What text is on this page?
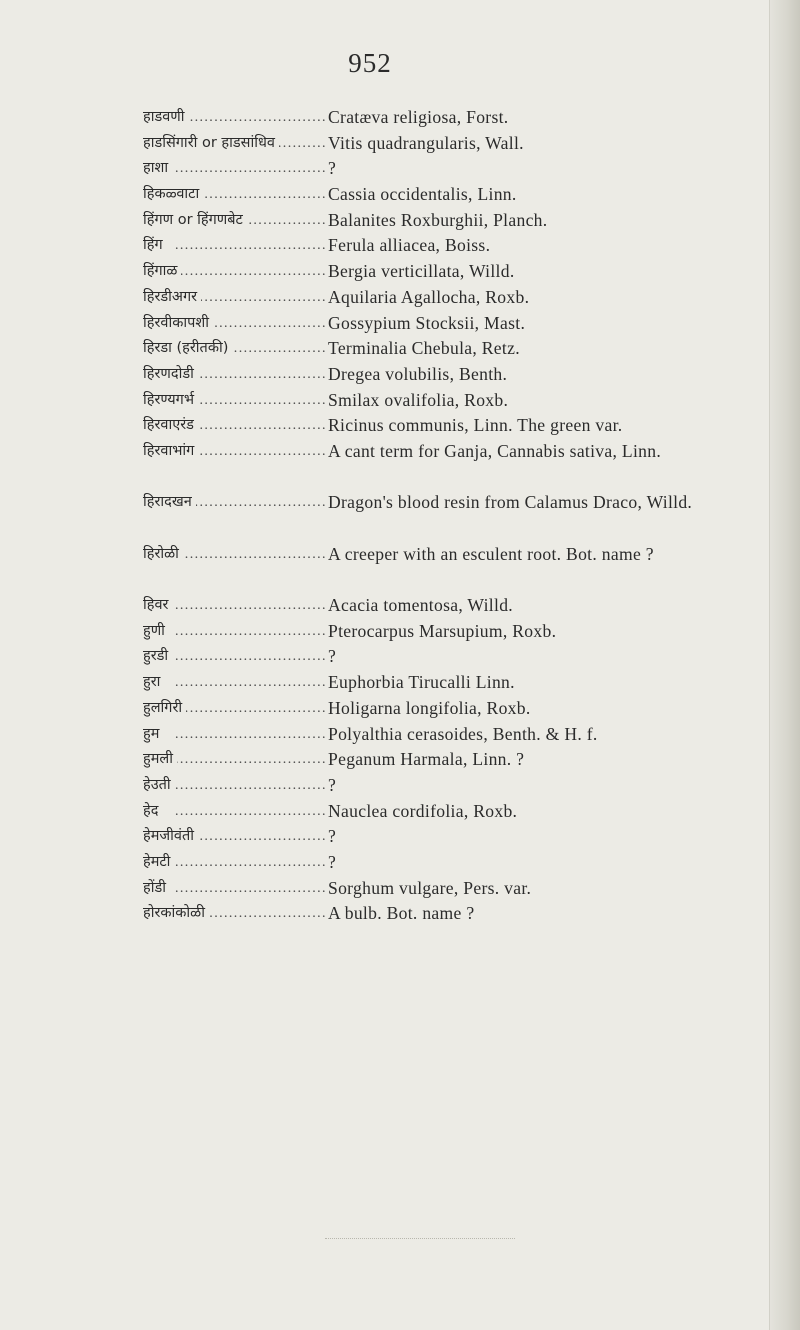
952
हाडवणी .....	Cratæva religiosa, Forst.
हाडसिंगारी or हाडसांधिव .....	Vitis quadrangularis, Wall.
हाशा .....	?
हिकळ्वाटा .....	Cassia occidentalis, Linn.
हिंगण or हिंगणबेट .....	Balanites Roxburghii, Planch.
हिंग .....	Ferula alliacea, Boiss.
हिंगाळ .....	Bergia verticillata, Willd.
हिरडीअगर .....	Aquilaria Agallocha, Roxb.
हिरवीकापशी .....	Gossypium Stocksii, Mast.
हिरडा (हरीतकी) .....	Terminalia Chebula, Retz.
हिरणदोडी .....	Dregea volubilis, Benth.
हिरण्यगर्भ .....	Smilax ovalifolia, Roxb.
हिरवाएरंड .....	Ricinus communis, Linn. The green var.
हिरवाभांग .....	A cant term for Ganja, Cannabis sativa, Linn.
हिरादखन .....	Dragon's blood resin from Calamus Draco, Willd.
हिरोळी .....	A creeper with an esculent root. Bot. name ?
हिवर .....	Acacia tomentosa, Willd.
हुणी .....	Pterocarpus Marsupium, Roxb.
हुरडी .....	?
हुरा .....	Euphorbia Tirucalli Linn.
हुलगिरी .....	Holigarna longifolia, Roxb.
हुम .....	Polyalthia cerasoides, Benth. & H. f.
हुमली .....	Peganum Harmala, Linn. ?
हेउती .....	?
हेद .....	Nauclea cordifolia, Roxb.
हेमजीवंती .....	?
हेमटी .....	?
होंडी .....	Sorghum vulgare, Pers. var.
होरकांकोळी .....	A bulb. Bot. name ?
